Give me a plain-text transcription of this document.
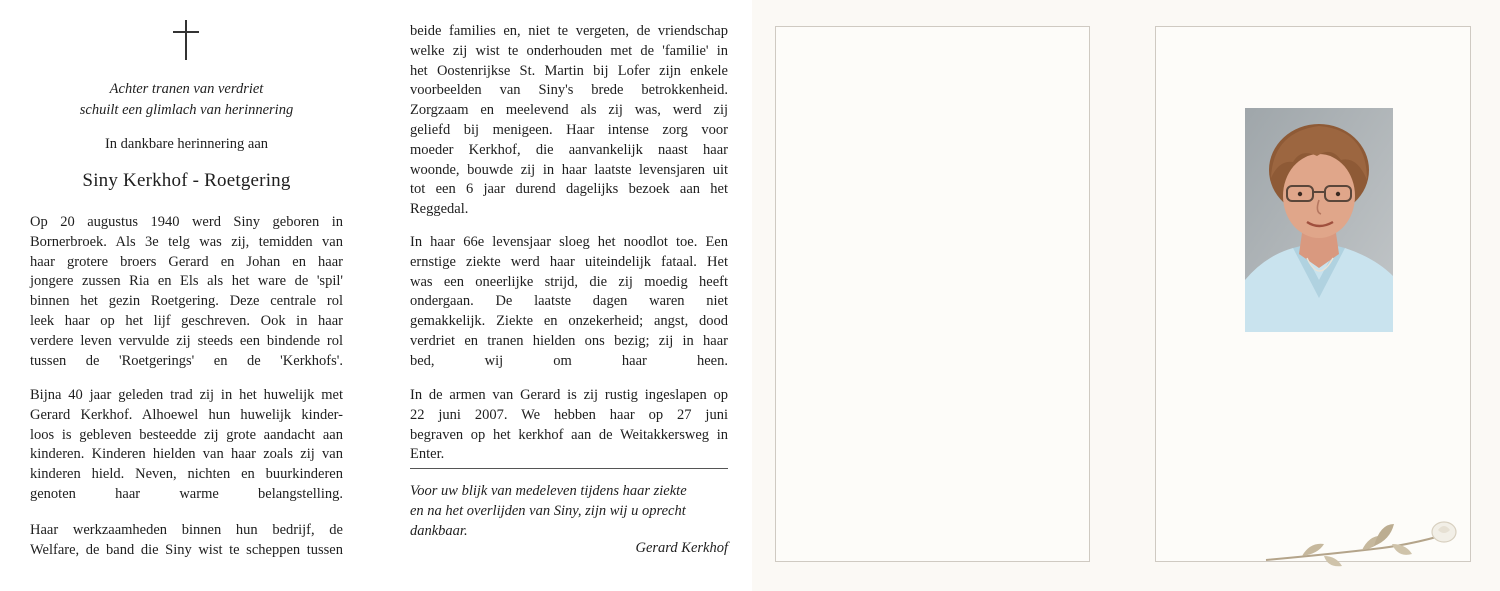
Achter tranen van verdriet
schuilt een glimlach van herinnering
In dankbare herinnering aan
Siny Kerkhof - Roetgering

Op 20 augustus 1940 werd Siny geboren in
Bornerbroek. Als 3e telg was zij, temidden van
haar grotere broers Gerard en Johan en haar
jongere zussen Ria en Els als het ware de 'spil'
binnen het gezin Roetgering. Deze centrale rol
leek haar op het lijf geschreven. Ook in haar
verdere leven vervulde zij steeds een bindende rol
tussen de 'Roetgerings' en de 'Kerkhofs'.

Bijna 40 jaar geleden trad zij in het huwelijk met
Gerard Kerkhof. Alhoewel hun huwelijk kinder-
loos is gebleven besteedde zij grote aandacht aan
kinderen. Kinderen hielden van haar zoals zij van
kinderen hield. Neven, nichten en buurkinderen
genoten haar warme belangstelling.

Haar werkzaamheden binnen hun bedrijf, de
Welfare, de band die Siny wist te scheppen tussen

beide families en, niet te vergeten, de vriendschap
welke zij wist te onderhouden met de 'familie' in
het Oostenrijkse St. Martin bij Lofer zijn enkele
voorbeelden van Siny's brede betrokkenheid.
Zorgzaam en meelevend als zij was, werd zij
geliefd bij menigeen. Haar intense zorg voor
moeder Kerkhof, die aanvankelijk naast haar
woonde, bouwde zij in haar laatste levensjaren uit
tot een 6 jaar durend dagelijks bezoek aan het
Reggedal.

In haar 66e levensjaar sloeg het noodlot toe. Een
ernstige ziekte werd haar uiteindelijk fataal. Het
was een oneerlijke strijd, die zij moedig heeft
ondergaan. De laatste dagen waren niet
gemakkelijk. Ziekte en onzekerheid; angst, dood
verdriet en tranen hielden ons bezig; zij in haar
bed, wij om haar heen.

In de armen van Gerard is zij rustig ingeslapen op
22 juni 2007. We hebben haar op 27 juni
begraven op het kerkhof aan de Weitakkersweg in
Enter.

Voor uw blijk van medeleven tijdens haar ziekte
en na het overlijden van Siny, zijn wij u oprecht
dankbaar.
Gerard Kerkhof
